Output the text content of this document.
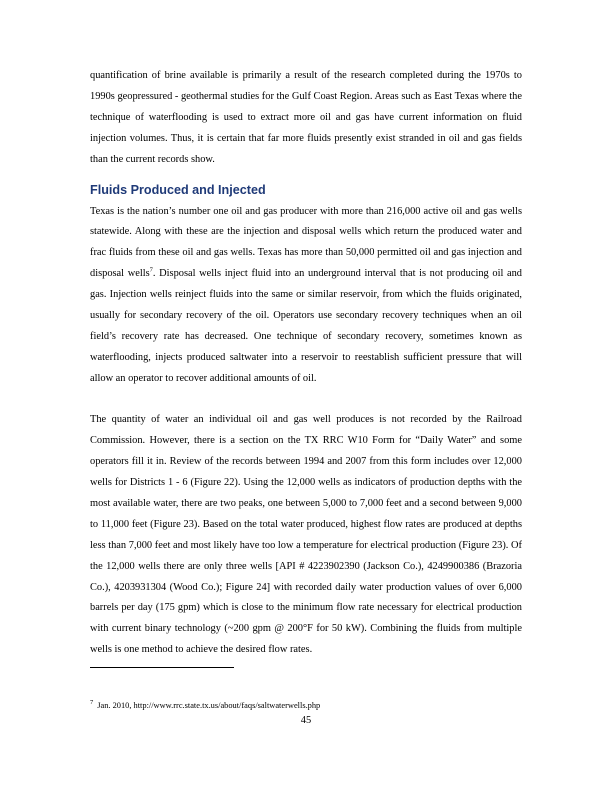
quantification of brine available is primarily a result of the research completed during the 1970s to 1990s geopressured - geothermal studies for the Gulf Coast Region. Areas such as East Texas where the technique of waterflooding is used to extract more oil and gas have current information on fluid injection volumes. Thus, it is certain that far more fluids presently exist stranded in oil and gas fields than the current records show.

Fluids Produced and Injected

Texas is the nation’s number one oil and gas producer with more than 216,000 active oil and gas wells statewide. Along with these are the injection and disposal wells which return the produced water and frac fluids from these oil and gas wells. Texas has more than 50,000 permitted oil and gas injection and disposal wells$^7$. Disposal wells inject fluid into an underground interval that is not producing oil and gas. Injection wells reinject fluids into the same or similar reservoir, from which the fluids originated, usually for secondary recovery of the oil. Operators use secondary recovery techniques when an oil field’s recovery rate has decreased. One technique of secondary recovery, sometimes known as waterflooding, injects produced saltwater into a reservoir to reestablish sufficient pressure that will allow an operator to recover additional amounts of oil.

The quantity of water an individual oil and gas well produces is not recorded by the Railroad Commission. However, there is a section on the TX RRC W10 Form for “Daily Water” and some operators fill it in. Review of the records between 1994 and 2007 from this form includes over 12,000 wells for Districts 1 - 6 (Figure 22). Using the 12,000 wells as indicators of production depths with the most available water, there are two peaks, one between 5,000 to 7,000 feet and a second between 9,000 to 11,000 feet (Figure 23). Based on the total water produced, highest flow rates are produced at depths less than 7,000 feet and most likely have too low a temperature for electrical production (Figure 23). Of the 12,000 wells there are only three wells [API # 4223902390 (Jackson Co.), 4249900386 (Brazoria Co.), 4203931304 (Wood Co.); Figure 24] with recorded daily water production values of over 6,000 barrels per day (175 gpm) which is close to the minimum flow rate necessary for electrical production with current binary technology (~200 gpm @ 200°F for 50 kW). Combining the fluids from multiple wells is one method to achieve the desired flow rates.

$^7$ Jan. 2010, http://www.rrc.state.tx.us/about/faqs/saltwaterwells.php
45
